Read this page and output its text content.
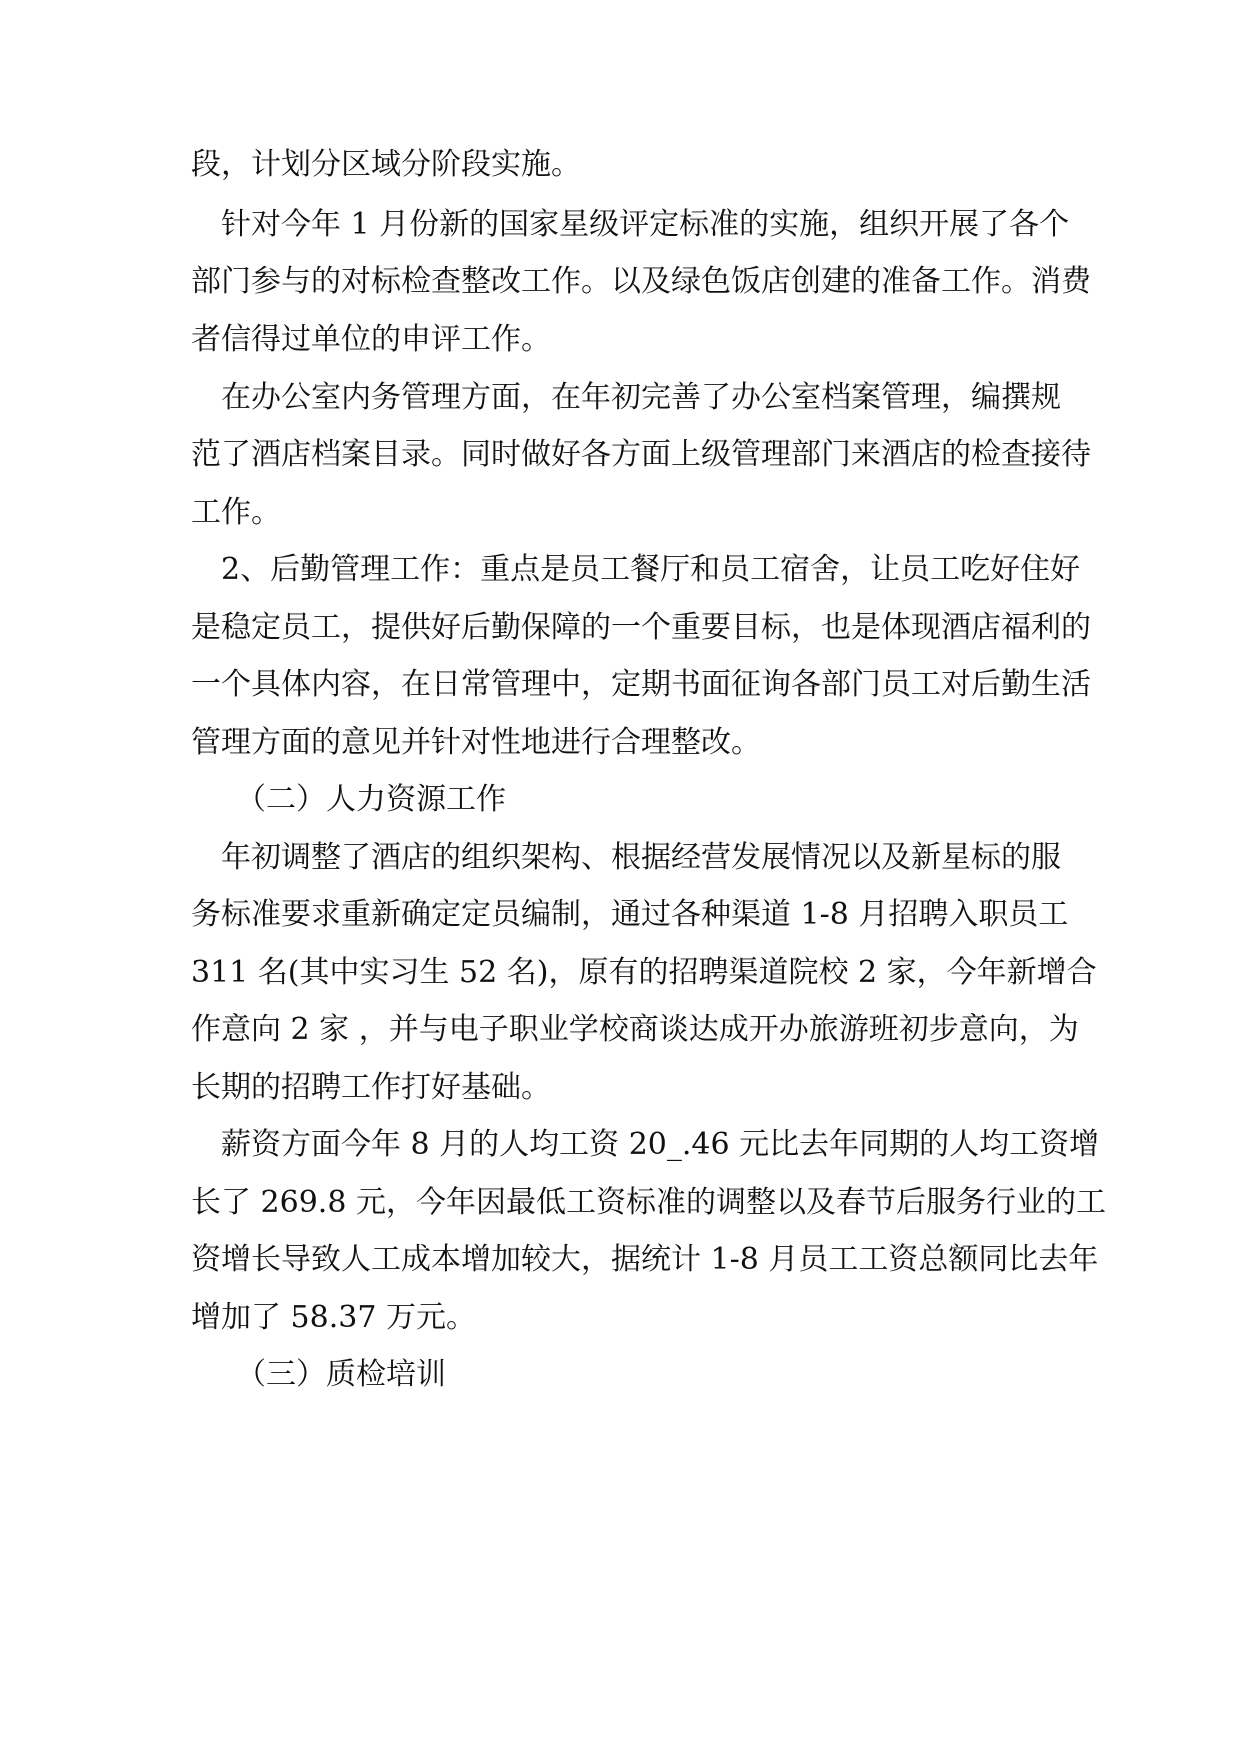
段，计划分区域分阶段实施。

　针对今年 1 月份新的国家星级评定标准的实施，组织开展了各个

部门参与的对标检查整改工作。以及绿色饭店创建的准备工作。消费

者信得过单位的申评工作。

　在办公室内务管理方面，在年初完善了办公室档案管理，编撰规

范了酒店档案目录。同时做好各方面上级管理部门来酒店的检查接待

工作。

　2、后勤管理工作：重点是员工餐厅和员工宿舍，让员工吃好住好

是稳定员工，提供好后勤保障的一个重要目标，也是体现酒店福利的

一个具体内容，在日常管理中，定期书面征询各部门员工对后勤生活

管理方面的意见并针对性地进行合理整改。

　　（二）人力资源工作

　年初调整了酒店的组织架构、根据经营发展情况以及新星标的服

务标准要求重新确定定员编制，通过各种渠道 1-8 月招聘入职员工

311 名(其中实习生 52 名)，原有的招聘渠道院校 2 家，今年新增合

作意向 2 家 ，并与电子职业学校商谈达成开办旅游班初步意向，为

长期的招聘工作打好基础。

　薪资方面今年 8 月的人均工资 20_.46 元比去年同期的人均工资增

长了 269.8 元，今年因最低工资标准的调整以及春节后服务行业的工

资增长导致人工成本增加较大，据统计 1-8 月员工工资总额同比去年

增加了 58.37 万元。

　　（三）质检培训
